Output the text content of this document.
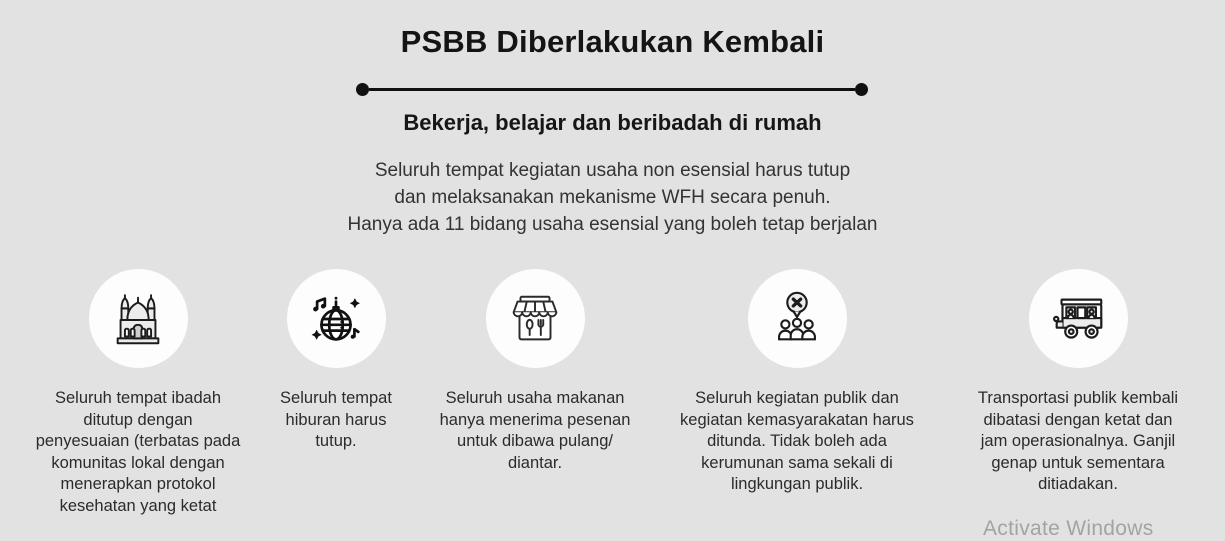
PSBB Diberlakukan Kembali
Bekerja, belajar dan beribadah di rumah
Seluruh tempat kegiatan usaha non esensial harus tutup
dan melaksanakan mekanisme WFH secara penuh.
Hanya ada 11 bidang usaha esensial yang boleh tetap berjalan

Seluruh tempat ibadah ditutup dengan penyesuaian (terbatas pada komunitas lokal dengan menerapkan protokol kesehatan yang ketat

Seluruh tempat hiburan harus tutup.

Seluruh usaha makanan hanya menerima pesenan untuk dibawa pulang/ diantar.

Seluruh kegiatan publik dan kegiatan kemasyarakatan harus ditunda. Tidak boleh ada kerumunan sama sekali di lingkungan publik.

Transportasi publik kembali dibatasi dengan ketat dan jam operasionalnya. Ganjil genap untuk sementara ditiadakan.

Activate Windows
